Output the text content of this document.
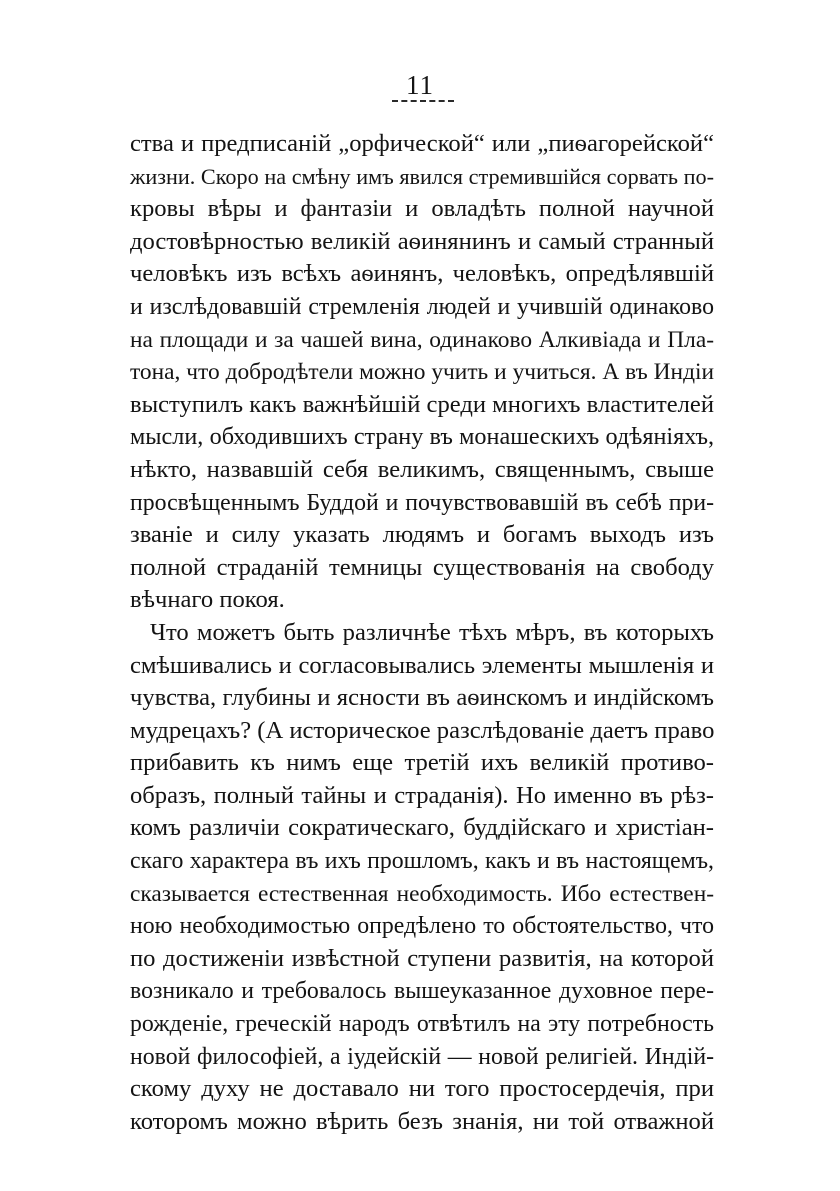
11
ства и предписаній „орфической“ или „пиѳагорейской“
жизни. Скоро на смѣну имъ явился стремившійся сорвать по-
кровы вѣры и фантазіи и овладѣть полной научной
достовѣрностью великій аѳинянинъ и самый странный
человѣкъ изъ всѣхъ аѳинянъ, человѣкъ, опредѣлявшій
и изслѣдовавшій стремленія людей и учившій одинаково
на площади и за чашей вина, одинаково Алкивіада и Пла-
тона, что добродѣтели можно учить и учиться. А въ Индіи
выступилъ какъ важнѣйшій среди многихъ властителей
мысли, обходившихъ страну въ монашескихъ одѣяніяхъ,
нѣкто, назвавшій себя великимъ, священнымъ, свыше
просвѣщеннымъ Буддой и почувствовавшій въ себѣ при-
званіе и силу указать людямъ и богамъ выходъ изъ
полной страданій темницы существованія на свободу
вѣчнаго покоя.
Что можетъ быть различнѣе тѣхъ мѣръ, въ которыхъ
смѣшивались и согласовывались элементы мышленія и
чувства, глубины и ясности въ аѳинскомъ и индійскомъ
мудрецахъ? (А историческое разслѣдованіе даетъ право
прибавить къ нимъ еще третій ихъ великій противо-
образъ, полный тайны и страданія). Но именно въ рѣз-
комъ различіи сократическаго, буддійскаго и христіан-
скаго характера въ ихъ прошломъ, какъ и въ настоящемъ,
сказывается естественная необходимость. Ибо естествен-
ною необходимостью опредѣлено то обстоятельство, что
по достиженіи извѣстной ступени развитія, на которой
возникало и требовалось вышеуказанное духовное пере-
рожденіе, греческій народъ отвѣтилъ на эту потребность
новой философіей, а іудейскій — новой религіей. Индій-
скому духу не доставало ни того простосердечія, при
которомъ можно вѣрить безъ знанія, ни той отважной
